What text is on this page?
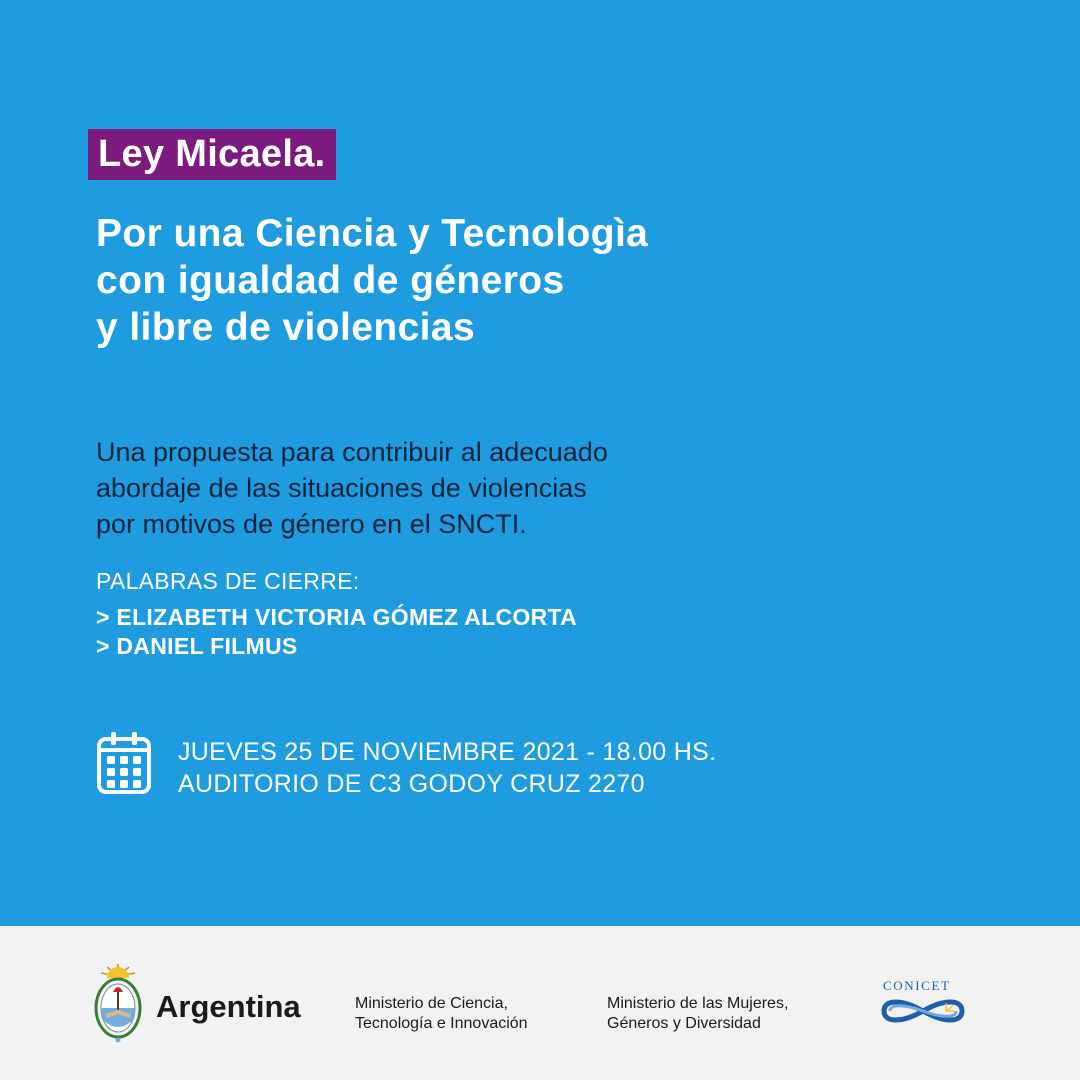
Ley Micaela.
Por una Ciencia y Tecnologìa
con igualdad de géneros
y libre de violencias

Una propuesta para contribuir al adecuado
abordaje de las situaciones de violencias
por motivos de género en el SNCTI.

PALABRAS DE CIERRE:
> ELIZABETH VICTORIA GÓMEZ ALCORTA
> DANIEL FILMUS
JUEVES 25 DE NOVIEMBRE 2021 - 18.00 HS.
AUDITORIO DE C3 GODOY CRUZ 2270
Argentina	Ministerio de Ciencia,
Tecnología e Innovación
Ministerio de las Mujeres,
Géneros y Diversidad
CONICET
